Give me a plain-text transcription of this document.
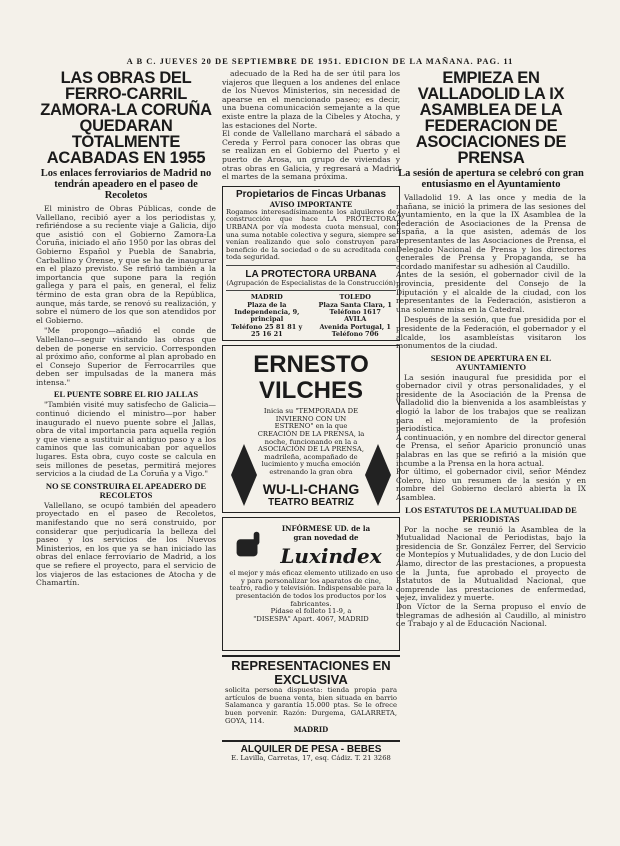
A B C. JUEVES 20 DE SEPTIEMBRE DE 1951. EDICION DE LA MAÑANA. PAG. 11
LAS OBRAS DEL FERRO-CARRIL ZAMORA-LA CORUÑA QUEDARAN TOTALMENTE ACABADAS EN 1955
Los enlaces ferroviarios de Madrid no tendrán apeadero en el paseo de Recoletos

El ministro de Obras Públicas, conde de Vallellano, recibió ayer a los periodistas y, refiriéndose a su reciente viaje a Galicia, dijo que asistió con el Gobierno Zamora-La Coruña, iniciado el año 1950 por las obras del Gobierno Español y Puebla de Sanabria, Carballino y Orense, y que se ha de inaugurar en el plazo previsto. Se refirió también a la importancia que supone para la región gallega y para el país, en general, el feliz término de esta gran obra de la República, aunque, más tarde, se renovó su realización, y sobre el número de los que son atendidos por el Gobierno.

"Me propongo—añadió el conde de Vallellano—seguir visitando las obras que deben de ponerse en servicio. Corresponden al próximo año, conforme al plan aprobado en el Consejo Superior de Ferrocarriles que deben ser impulsadas de la manera más intensa."

EL PUENTE SOBRE EL RIO JALLAS

"También visité muy satisfecho de Galicia—continuó diciendo el ministro—por haber inaugurado el nuevo puente sobre el Jallas, obra de vital importancia para aquella región y que viene a sustituir al antiguo paso y a los caminos que las comunicaban por aquellos lugares. Esta obra, cuyo coste se calcula en seis millones de pesetas, permitirá mejores servicios a la ciudad de La Coruña y a Vigo."

NO SE CONSTRUIRA EL APEADERO DE RECOLETOS

Vallellano, se ocupó también del apeadero proyectado en el paseo de Recoletos, manifestando que no será construido, por considerar que perjudicaría la belleza del paseo y los servicios de los Nuevos Ministerios, en los que ya se han iniciado las obras del enlace ferroviario de Madrid, a los que se refiere el proyecto, para el servicio de los viajeros de las estaciones de Atocha y de Chamartín.

adecuado de la Red ha de ser útil para los viajeros que lleguen a los andenes del enlace de los Nuevos Ministerios, sin necesidad de apearse en el mencionado paseo; es decir, una buena comunicación semejante a la que existe entre la plaza de la Cibeles y Atocha, y las estaciones del Norte.
El conde de Vallellano marchará el sábado a Cereda y Ferrol para conocer las obras que se realizan en el Gobierno del Puerto y el puerto de Arosa, un grupo de viviendas y otras obras en Galicia, y regresará a Madrid el martes de la semana próxima.

Propietarios de Fincas Urbanas
AVISO IMPORTANTE
Rogamos interesadísimamente los alquileres de construcción que hace LA PROTECTORA URBANA por vía modesta cuota mensual, con una suma notable colectiva y segura, siempre se venían realizando que solo construyen para beneficio de la sociedad o de su acreditada con toda seguridad.
LA PROTECTORA URBANA
(Agrupación de Especialistas de la Construcción)
MADRID
Plaza de la Independencia, 9, principal
Teléfono 25 81 81 y 25 16 21
TOLEDO
Plaza Santa Clara, 1
Teléfono 1617
AVILA
Avenida Portugal, 1
Teléfono 706
ERNESTO
VILCHES
Inicia su "TEMPORADA DE INVIERNO CON UN ESTRENO" en la que CREACIÓN DE LA PRENSA, la noche, funcionando en la a ASOCIACIÓN DE LA PRENSA, madrileña, acompañado de lucimiento y mucha emoción estrenando la gran obra
WU-LI-CHANG
TEATRO BEATRIZ
INFÓRMESE UD. de la gran novedad de
Luxindex
el mejor y más eficaz elemento utilizado en uso y para personalizar los aparatos de cine, teatro, radio y televisión. Indispensable para la presentación de todos los productos por los fabricantes.
Pídase el folleto 11-9, a
"DISESPA" Apart. 4067, MADRID
REPRESENTACIONES EN EXCLUSIVA
solicita persona dispuesta: tienda propia para artículos de buena venta, bien situada en barrio Salamanca y garantía 15.000 ptas. Se le ofrece buen porvenir. Razón: Durgema, GALARRETA, GOYA, 114.
MADRID
ALQUILER DE PESA - BEBES
E. Lavilla, Carretas, 17, esq. Cádiz. T. 21 3268
EMPIEZA EN VALLADOLID LA IX ASAMBLEA DE LA FEDERACION DE ASOCIACIONES DE PRENSA
La sesión de apertura se celebró con gran entusiasmo en el Ayuntamiento

Valladolid 19. A las once y media de la mañana, se inició la primera de las sesiones del Ayuntamiento, en la que la IX Asamblea de la Federación de Asociaciones de la Prensa de España, a la que asisten, además de los representantes de las Asociaciones de Prensa, el Delegado Nacional de Prensa y los directores generales de Prensa y Propaganda, se ha acordado manifestar su adhesión al Caudillo.
Antes de la sesión, el gobernador civil de la provincia, presidente del Consejo de la Diputación y el alcalde de la ciudad, con los representantes de la Federación, asistieron a una solemne misa en la Catedral.

Después de la sesión, que fue presidida por el presidente de la Federación, el gobernador y el alcalde, los asambleístas visitaron los monumentos de la ciudad.

SESION DE APERTURA EN EL AYUNTAMIENTO

La sesión inaugural fue presidida por el gobernador civil y otras personalidades, y el presidente de la Asociación de la Prensa de Valladolid dio la bienvenida a los asambleístas y elogió la labor de los trabajos que se realizan para el mejoramiento de la profesión periodística.
A continuación, y en nombre del director general de Prensa, el señor Aparicio pronunció unas palabras en las que se refirió a la misión que incumbe a la Prensa en la hora actual.
Por último, el gobernador civil, señor Méndez Colero, hizo un resumen de la sesión y en nombre del Gobierno declaró abierta la IX Asamblea.

LOS ESTATUTOS DE LA MUTUALIDAD DE PERIODISTAS

Por la noche se reunió la Asamblea de la Mutualidad Nacional de Periodistas, bajo la presidencia de Sr. González Ferrer, del Servicio de Montepíos y Mutualidades, y de don Lucio del Álamo, director de las prestaciones, a propuesta de la Junta, fue aprobado el proyecto de Estatutos de la Mutualidad Nacional, que comprende las prestaciones de enfermedad, vejez, invalidez y muerte.
Don Víctor de la Serna propuso el envío de telegramas de adhesión al Caudillo, al ministro de Trabajo y al de Educación Nacional.
